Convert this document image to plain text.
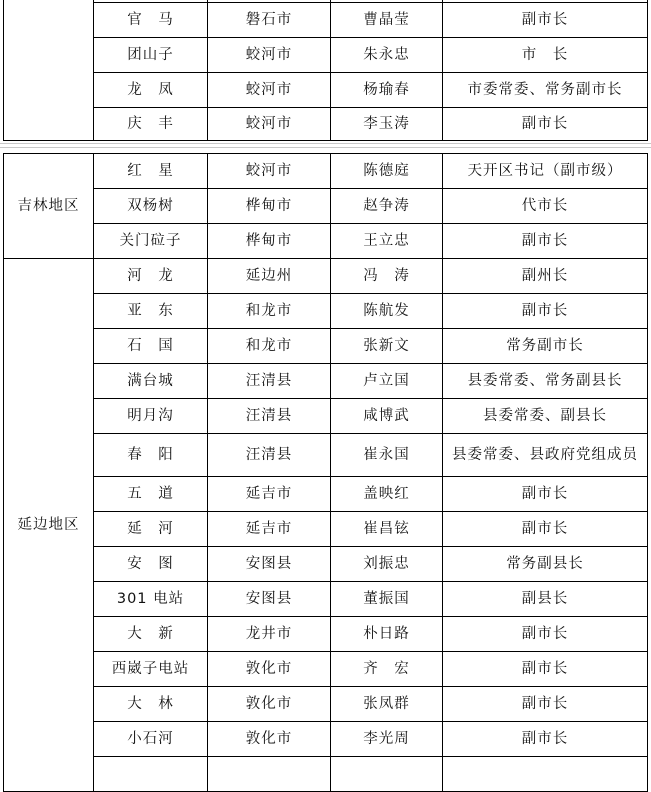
	官　马	磐石市	曹晶莹	副市长
	团山子	蛟河市	朱永忠	市　长
	龙　凤	蛟河市	杨瑜春	市委常委、常务副市长
	庆　丰	蛟河市	李玉涛	副市长
吉林地区	红　星	蛟河市	陈德庭	天开区书记（副市级）
	双杨树	桦甸市	赵争涛	代市长
	关门砬子	桦甸市	王立忠	副市长
延边地区	河　龙	延边州	冯　涛	副州长
	亚　东	和龙市	陈航发	副市长
	石　国	和龙市	张新文	常务副市长
	满台城	汪清县	卢立国	县委常委、常务副县长
	明月沟	汪清县	咸博武	县委常委、副县长
	春　阳	汪清县	崔永国	县委常委、县政府党组成员
	五　道	延吉市	盖映红	副市长
	延　河	延吉市	崔昌铉	副市长
	安　图	安图县	刘振忠	常务副县长
	301 电站	安图县	董振国	副县长
	大　新	龙井市	朴日路	副市长
	西崴子电站	敦化市	齐　宏	副市长
	大　林	敦化市	张凤群	副市长
	小石河	敦化市	李光周	副市长
